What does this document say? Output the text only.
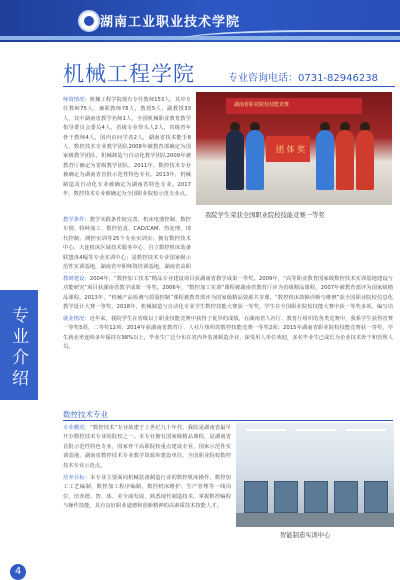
湖南工业职业技术学院
专业介绍
4
机械工程学院	专业咨询电话：0731-82946238
师资情况：机械工程学院现有专任教师153人，其中专任教师75人，兼职教师78人，教授5人，副教授33人，其中湖南省教学名师1人，全国机械职业教育教学指导委员会委员4人，省级专业带头人2人，省级青年骨干教师4人，国内访问学者2人，湖南省技术能手8人，数控技术专业教学团队2008年被教育部确定为国家级教学团队，机械制造与自动化教学团队2009年被教育厅确定为省级教学团队。2011年，数控技术专业被确定为湖南省首批示范性特色专业。2013年，机械制造及自动化专业被确定为湖南省特色专业。2017年，数控技术专业被确定为全国职业院校示范专业点。
教学条件：教学实践条件较完善，机床电器控制、数控车削、特种加工、数控仿真、CAD/CAM、热处理、现代控制、测控实训等25个专业实训室；拥有数控技术中心、大连机床区域技术服务中心、自立数控机床装备联盟体4幅等专业实训中心；是数控技术专业国家级示范性实训基地，湖南省中职师资培训基地，湖南省高职
湖南省职业院校技能竞赛
团 体 奖
我院学生荣获全国职业院校技能竞赛一等奖
教研建设：2004年，“数控加工技术”精品专业建设项目获湖南省教学成果一等奖。2009年，“高等职业教育国家级数控技术实训基地建设与功能研究”项目获湖南省教学成果一等奖。2006年，“数控加工实训”课程被湖南省教育厅评为省级精品课程，2007年被教育部评为国家级精品课程。2013年，“机械产品检测与质量控制”课程被教育部评为国家级精品资源共享课，“数控机床故障诊断与维修”获全国职业院校信息化教学设计大赛一等奖，2018年，机械制造与自动化专业学生数控技能大赛获一等奖，学生在全国职业院校技能大赛中获一等奖多项，编写出
就业情况：近年来，我院学生在省级以上职业技能竞赛中获得了优异的成绩，在湖南省人社厅、教育厅组织的各类竞赛中，我系学生获得省赛一等奖5项，二等奖12项；2014年获湖南省教育厅、人社厅组织的数控技能竞赛一等奖2项；2015年湖南省职业院校技能竞赛获一等奖，学生就业率连续多年保持在98%以上，毕业生广泛分布在省内外装备制造企业，深受用人单位欢迎，多名毕业生已成长为企业技术骨干和管理人员。
数控技术专业
专业概况：“数控技术”专业始建于上世纪九十年代，我院是湖南省最早开办数控技术专业的院校之一。本专业拥有国家级精品课程，是湖南省首批示范性特色专业，国家骨干高职院校重点建设专业，国家示范性实训基地，湖南省数控技术专业教学资源库建设单位，全国职业院校数控技术专业示范点。
培养目标：本专业主要面向机械装备制造行业的数控机床操作、数控加工工艺编制、数控加工程序编制、数控机床维护、生产管理等一线岗位，培养德、智、体、美全面发展，熟悉现代制造技术，掌握数控编程与操作技能，具有良好职业道德和创新精神的高素质技术技能人才。
智能制造实训中心
